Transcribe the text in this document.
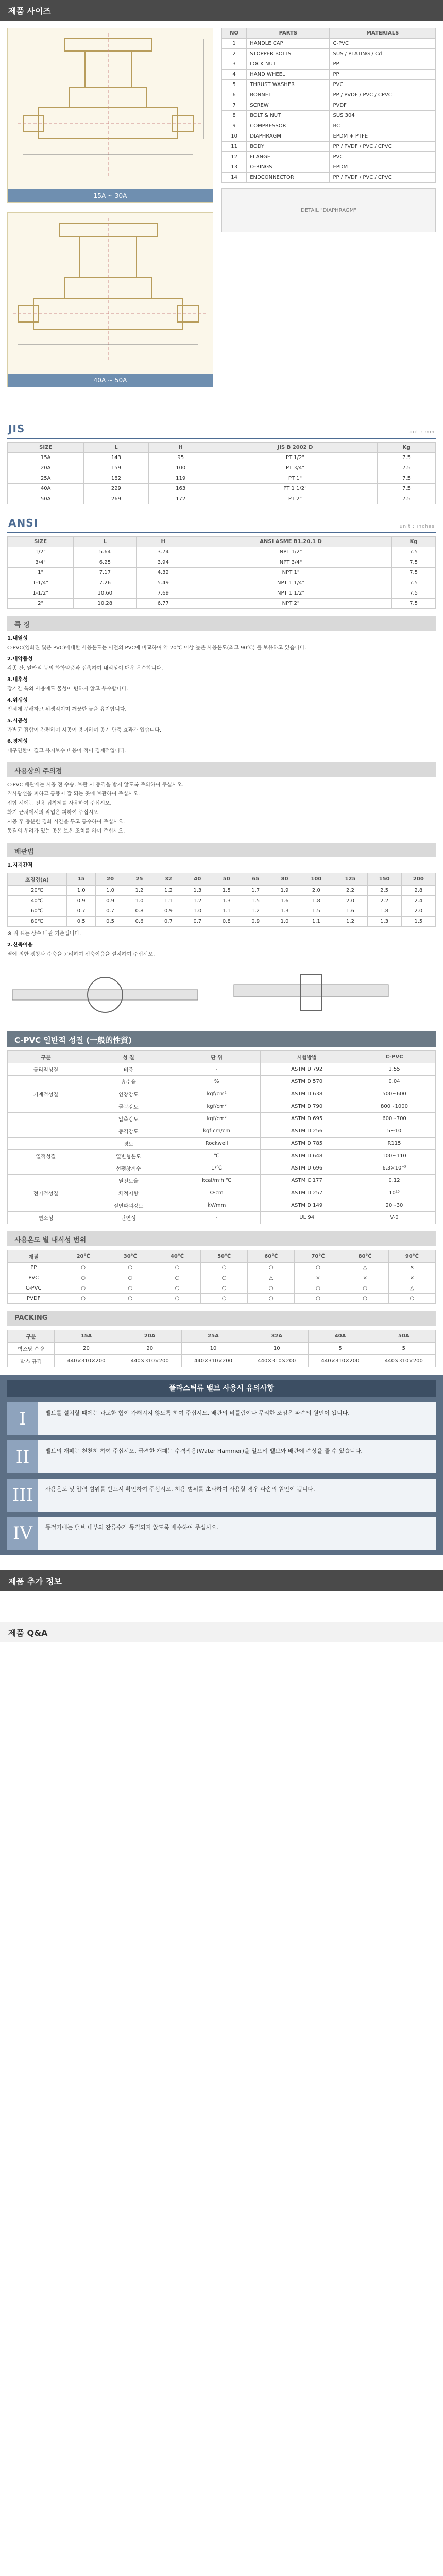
제품 사이즈
15A ~ 30A
40A ~ 50A
NO	PARTS	MATERIALS
1	HANDLE CAP	C-PVC
2	STOPPER BOLTS	SUS / PLATING / Cd
3	LOCK NUT	PP
4	HAND WHEEL	PP
5	THRUST WASHER	PVC
6	BONNET	PP / PVDF / PVC / CPVC
7	SCREW	PVDF
8	BOLT & NUT	SUS 304
9	COMPRESSOR	BC
10	DIAPHRAGM	EPDM + PTFE
11	BODY	PP / PVDF / PVC / CPVC
12	FLANGE	PVC
13	O-RINGS	EPDM
14	ENDCONNECTOR	PP / PVDF / PVC / CPVC
DETAIL "DIAPHRAGM"
JIS	unit : mm
SIZE	L	H	JIS B 2002 D	Kg
15A	143	95	PT 1/2"	7.5
20A	159	100	PT 3/4"	7.5
25A	182	119	PT 1"	7.5
40A	229	163	PT 1 1/2"	7.5
50A	269	172	PT 2"	7.5
ANSI	unit : inches
SIZE	L	H	ANSI ASME B1.20.1 D	Kg
1/2"	5.64	3.74	NPT 1/2"	7.5
3/4"	6.25	3.94	NPT 3/4"	7.5
1"	7.17	4.32	NPT 1"	7.5
1-1/4"	7.26	5.49	NPT 1 1/4"	7.5
1-1/2"	10.60	7.69	NPT 1 1/2"	7.5
2"	10.28	6.77	NPT 2"	7.5
특 징

1.내열성

C-PVC(염화된 및은 PVC)에대한 사용온도는 이전의 PVC에 비교하여 약 20℃ 이상 높은 사용온도(최고 90℃) 를 보유하고 있습니다.

2.내약품성

각종 산, 알카리 등의 화학약품과 접촉하여 내식성이 매우 우수합니다.

3.내후성

장기간 옥외 사용에도 물성이 변하지 않고 우수합니다.

4.위생성

인체에 무해하고 위생적이며 깨끗한 물을 유지합니다.

5.시공성

가볍고 접합이 간편하여 시공이 용이하며 공기 단축 효과가 있습니다.

6.경제성

내구연한이 길고 유지보수 비용이 적어 경제적입니다.

사용상의 주의점

C-PVC 배관재는 시공 전 수송, 보관 시 충격을 받지 않도록 주의하여 주십시오.

직사광선을 피하고 통풍이 잘 되는 곳에 보관하여 주십시오.

접합 시에는 전용 접착제를 사용하여 주십시오.

화기 근처에서의 작업은 피하여 주십시오.

시공 후 충분한 경화 시간을 두고 통수하여 주십시오.

동결의 우려가 있는 곳은 보온 조치를 하여 주십시오.

배관법

1.지지간격

호칭경(A)	15	20	25	32	40	50	65	80	100	125	150	200
20℃	1.0	1.0	1.2	1.2	1.3	1.5	1.7	1.9	2.0	2.2	2.5	2.8
40℃	0.9	0.9	1.0	1.1	1.2	1.3	1.5	1.6	1.8	2.0	2.2	2.4
60℃	0.7	0.7	0.8	0.9	1.0	1.1	1.2	1.3	1.5	1.6	1.8	2.0
80℃	0.5	0.5	0.6	0.7	0.7	0.8	0.9	1.0	1.1	1.2	1.3	1.5

※ 위 표는 상수 배관 기준입니다.

2.신축이음

열에 의한 팽창과 수축을 고려하여 신축이음을 설치하여 주십시오.

C-PVC 일반적 성질 (一般的性質)
구분	성 질	단 위	시험방법	C-PVC
물리적성질	비중	-	ASTM D 792	1.55
	흡수율	%	ASTM D 570	0.04
기계적성질	인장강도	kgf/cm²	ASTM D 638	500~600
	굴곡강도	kgf/cm²	ASTM D 790	800~1000
	압축강도	kgf/cm²	ASTM D 695	600~700
	충격강도	kgf·cm/cm	ASTM D 256	5~10
	경도	Rockwell	ASTM D 785	R115
열적성질	열변형온도	℃	ASTM D 648	100~110
	선팽창계수	1/℃	ASTM D 696	6.3×10⁻⁵
	열전도율	kcal/m·h·℃	ASTM C 177	0.12
전기적성질	체적저항	Ω·cm	ASTM D 257	10¹⁵
	절연파괴강도	kV/mm	ASTM D 149	20~30
연소성	난연성	-	UL 94	V-0
사용온도 별 내식성 범위
재질	20℃	30℃	40℃	50℃	60℃	70℃	80℃	90℃
PP	○	○	○	○	○	○	△	×
PVC	○	○	○	○	△	×	×	×
C-PVC	○	○	○	○	○	○	○	△
PVDF	○	○	○	○	○	○	○	○
PACKING
구분	15A	20A	25A	32A	40A	50A
박스당 수량	20	20	10	10	5	5
박스 규격	440×310×200	440×310×200	440×310×200	440×310×200	440×310×200	440×310×200
플라스틱류 밸브 사용시 유의사항
I	밸브를 설치할 때에는 과도한 힘이 가해지지 않도록 하여 주십시오. 배관의 비틀림이나 무리한 조임은 파손의 원인이 됩니다.
II	밸브의 개폐는 천천히 하여 주십시오. 급격한 개폐는 수격작용(Water Hammer)을 일으켜 밸브와 배관에 손상을 줄 수 있습니다.
III	사용온도 및 압력 범위를 반드시 확인하여 주십시오. 허용 범위를 초과하여 사용할 경우 파손의 원인이 됩니다.
IV	동절기에는 밸브 내부의 잔류수가 동결되지 않도록 배수하여 주십시오.
제품 추가 정보
제품 Q&A
